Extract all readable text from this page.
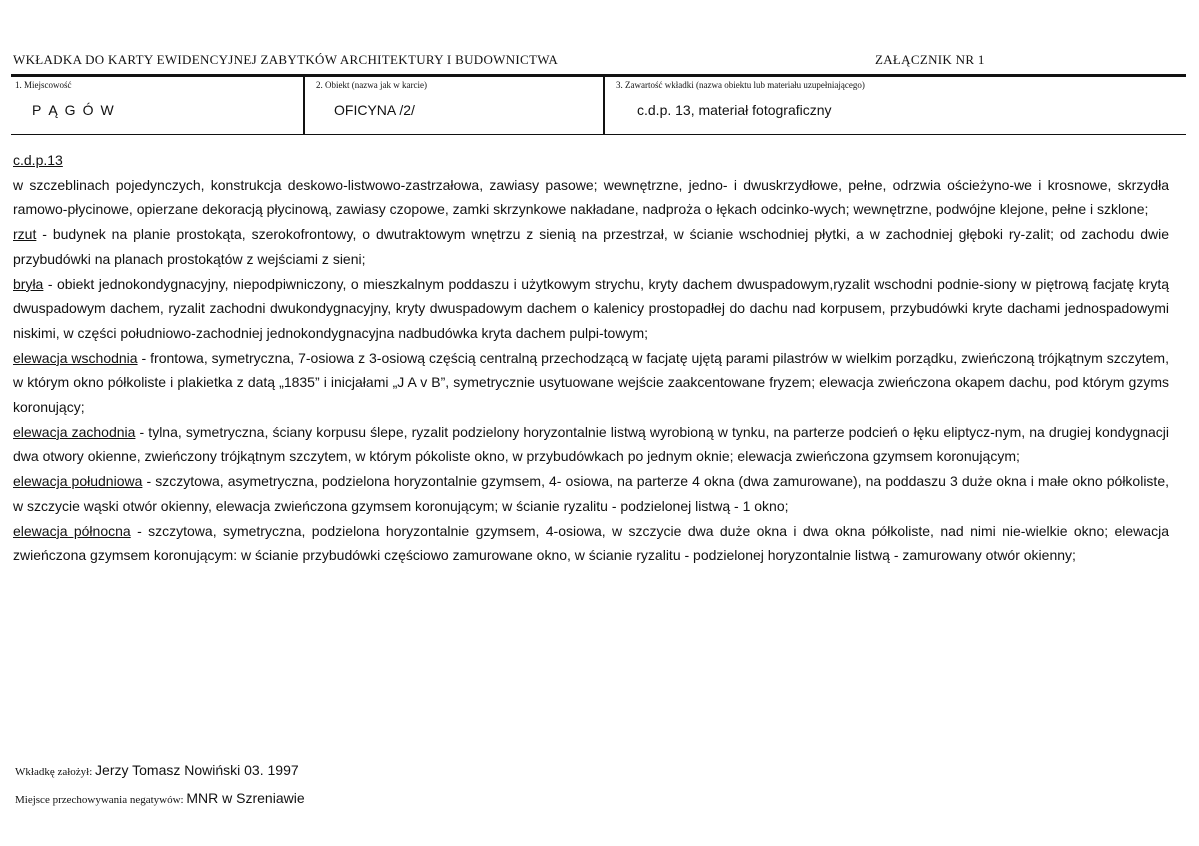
WKŁADKA DO KARTY EWIDENCYJNEJ ZABYTKÓW ARCHITEKTURY I BUDOWNICTWA	ZAŁĄCZNIK NR 1
1. Miejscowość
PĄGÓW
2. Obiekt (nazwa jak w karcie)
OFICYNA /2/
3. Zawartość wkładki (nazwa obiektu lub materiału uzupełniającego)
c.d.p. 13, materiał fotograficzny

c.d.p.13

w szczeblinach pojedynczych, konstrukcja deskowo-listwowo-zastrzałowa, zawiasy pasowe; wewnętrzne, jedno- i dwuskrzydłowe, pełne, odrzwia ościeżyno-we i krosnowe, skrzydła ramowo-płycinowe, opierzane dekoracją płycinową, zawiasy czopowe, zamki skrzynkowe nakładane, nadproża o łękach odcinko-wych; wewnętrzne, podwójne klejone, pełne i szklone;

rzut - budynek na planie prostokąta, szerokofrontowy, o dwutraktowym wnętrzu z sienią na przestrzał, w ścianie wschodniej płytki, a w zachodniej głęboki ry-zalit; od zachodu dwie przybudówki na planach prostokątów z wejściami z sieni;

bryła - obiekt jednokondygnacyjny, niepodpiwniczony, o mieszkalnym poddaszu i użytkowym strychu, kryty dachem dwuspadowym,ryzalit wschodni podnie-siony w piętrową facjatę krytą dwuspadowym dachem, ryzalit zachodni dwukondygnacyjny, kryty dwuspadowym dachem o kalenicy prostopadłej do dachu nad korpusem, przybudówki kryte dachami jednospadowymi niskimi, w części południowo-zachodniej jednokondygnacyjna nadbudówka kryta dachem pulpi-towym;

elewacja wschodnia - frontowa, symetryczna, 7-osiowa z 3-osiową częścią centralną przechodzącą w facjatę ujętą parami pilastrów w wielkim porządku, zwieńczoną trójkątnym szczytem, w którym okno półkoliste i plakietka z datą „1835” i inicjałami „J A v B”, symetrycznie usytuowane wejście zaakcentowane fryzem; elewacja zwieńczona okapem dachu, pod którym gzyms koronujący;

elewacja zachodnia - tylna, symetryczna, ściany korpusu ślepe, ryzalit podzielony horyzontalnie listwą wyrobioną w tynku, na parterze podcień o łęku eliptycz-nym, na drugiej kondygnacji dwa otwory okienne, zwieńczony trójkątnym szczytem, w którym pókoliste okno, w przybudówkach po jednym oknie; elewacja zwieńczona gzymsem koronującym;

elewacja południowa - szczytowa, asymetryczna, podzielona horyzontalnie gzymsem, 4- osiowa, na parterze 4 okna (dwa zamurowane), na poddaszu 3 duże okna i małe okno półkoliste, w szczycie wąski otwór okienny, elewacja zwieńczona gzymsem koronującym; w ścianie ryzalitu - podzielonej listwą - 1 okno;

elewacja północna - szczytowa, symetryczna, podzielona horyzontalnie gzymsem, 4-osiowa, w szczycie dwa duże okna i dwa okna półkoliste, nad nimi nie-wielkie okno; elewacja zwieńczona gzymsem koronującym: w ścianie przybudówki częściowo zamurowane okno, w ścianie ryzalitu - podzielonej horyzontalnie listwą - zamurowany otwór okienny;

Wkładkę założył: Jerzy Tomasz Nowiński 03. 1997
Miejsce przechowywania negatywów: MNR w Szreniawie
